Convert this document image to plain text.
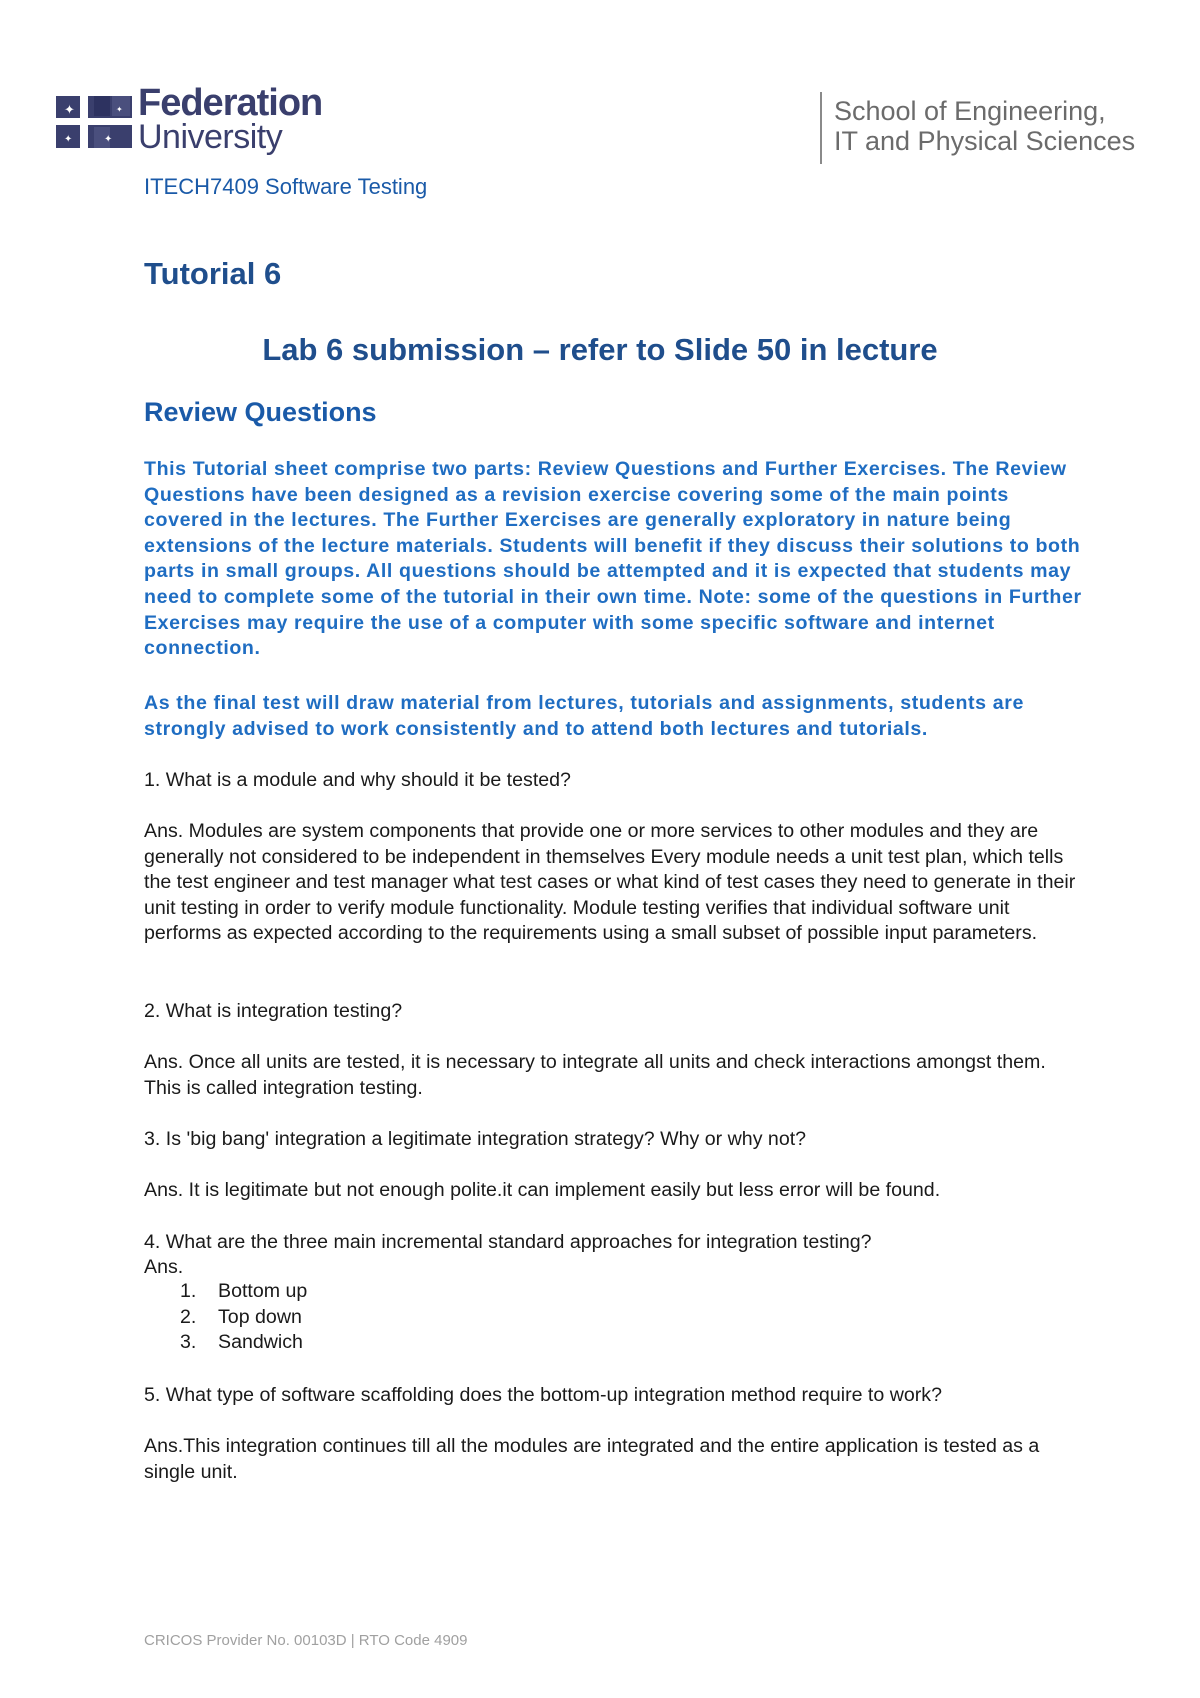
✦
✦
✦
✦ Federation
University
School of Engineering,
IT and Physical Sciences
ITECH7409 Software Testing
Tutorial 6
Lab 6 submission – refer to Slide 50 in lecture
Review Questions

This Tutorial sheet comprise two parts: Review Questions and Further Exercises. The Review Questions have been designed as a revision exercise covering some of the main points covered in the lectures. The Further Exercises are generally exploratory in nature being extensions of the lecture materials. Students will benefit if they discuss their solutions to both parts in small groups. All questions should be attempted and it is expected that students may need to complete some of the tutorial in their own time. Note: some of the questions in Further Exercises may require the use of a computer with some specific software and internet connection.

As the final test will draw material from lectures, tutorials and assignments, students are strongly advised to work consistently and to attend both lectures and tutorials.

1. What is a module and why should it be tested?

Ans. Modules are system components that provide one or more services to other modules and they are generally not considered to be independent in themselves Every module needs a unit test plan, which tells the test engineer and test manager what test cases or what kind of test cases they need to generate in their unit testing in order to verify module functionality. Module testing verifies that individual software unit performs as expected according to the requirements using a small subset of possible input parameters.

2. What is integration testing?

Ans. Once all units are tested, it is necessary to integrate all units and check interactions amongst them. This is called integration testing.

3. Is 'big bang' integration a legitimate integration strategy? Why or why not?

Ans. It is legitimate but not enough polite.it can implement easily but less error will be found.

4. What are the three main incremental standard approaches for integration testing?

Ans.

1. Bottom up
2. Top down
3. Sandwich

5. What type of software scaffolding does the bottom-up integration method require to work?

Ans.This integration continues till all the modules are integrated and the entire application is tested as a single unit.

CRICOS Provider No. 00103D | RTO Code 4909
